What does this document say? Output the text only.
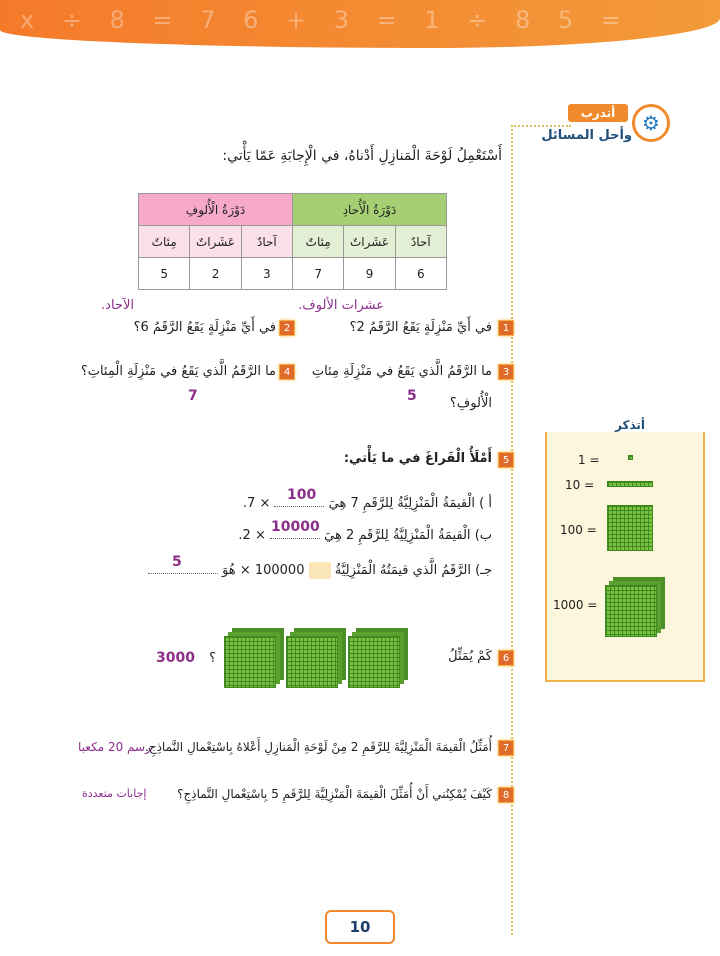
x ÷ 8 = 7 6 + 3 = 1 ÷ 8 5 =
أتدرب
وأحل المسائل
⚙
أَسْتَعْمِلُ لَوْحَةَ الْمَنازِلِ أَدْناهُ، في الْإِجابَةِ عَمّا يَأْتي:
دَوْرَةُ الْأُحادِ			دَوْرَةُ الْأُلوفِ		
آحادٌ	عَشَراتٌ	مِئاتٌ	آحادٌ	عَشَراتٌ	مِئاتٌ
6	9	7	3	2	5
1
في أَيِّ مَنْزِلَةٍ يَقَعُ الرَّقَمُ 2؟
عشرات الألوف.
2
في أَيِّ مَنْزِلَةٍ يَقَعُ الرَّقَمُ 6؟
الآحاد.
3
ما الرَّقَمُ الَّذي يَقَعُ في مَنْزِلَةِ مِئاتِ
الْأُلوفِ؟
5
4
ما الرَّقَمُ الَّذي يَقَعُ في مَنْزِلَةِ الْمِئاتِ؟
7
5
أَمْلَأُ الْفَراغَ في ما يَأْتي:
أ ) الْقيمَةُ الْمَنْزِلِيَّةُ لِلرَّقَمِ 7 هِيَ  × 7.
100
ب) الْقيمَةُ الْمَنْزِلِيَّةُ لِلرَّقَمِ 2 هِيَ  × 2.
10000
جـ) الرَّقَمُ الَّذي قيمَتُهُ الْمَنْزِلِيَّةُ  100000 × هُوَ
5
6
كَمْ يُمَثِّلُ
3000 ؟
7
أُمَثِّلُ الْقيمَةَ الْمَنْزِلِيَّةَ لِلرَّقَمِ 2 مِنْ لَوْحَةِ الْمَنازِلِ أَعْلاهُ بِاسْتِعْمالِ النَّماذِجِ.
رسم 20 مكعبا
8
كَيْفَ يُمْكِنُني أَنْ أُمَثِّلَ الْقيمَةَ الْمَنْزِلِيَّةَ لِلرَّقَمِ 5 بِاسْتِعْمالِ النَّماذِجِ؟
إجابات متعددة
أتذكر
1 =
10 =
100 =
1000 =
10
